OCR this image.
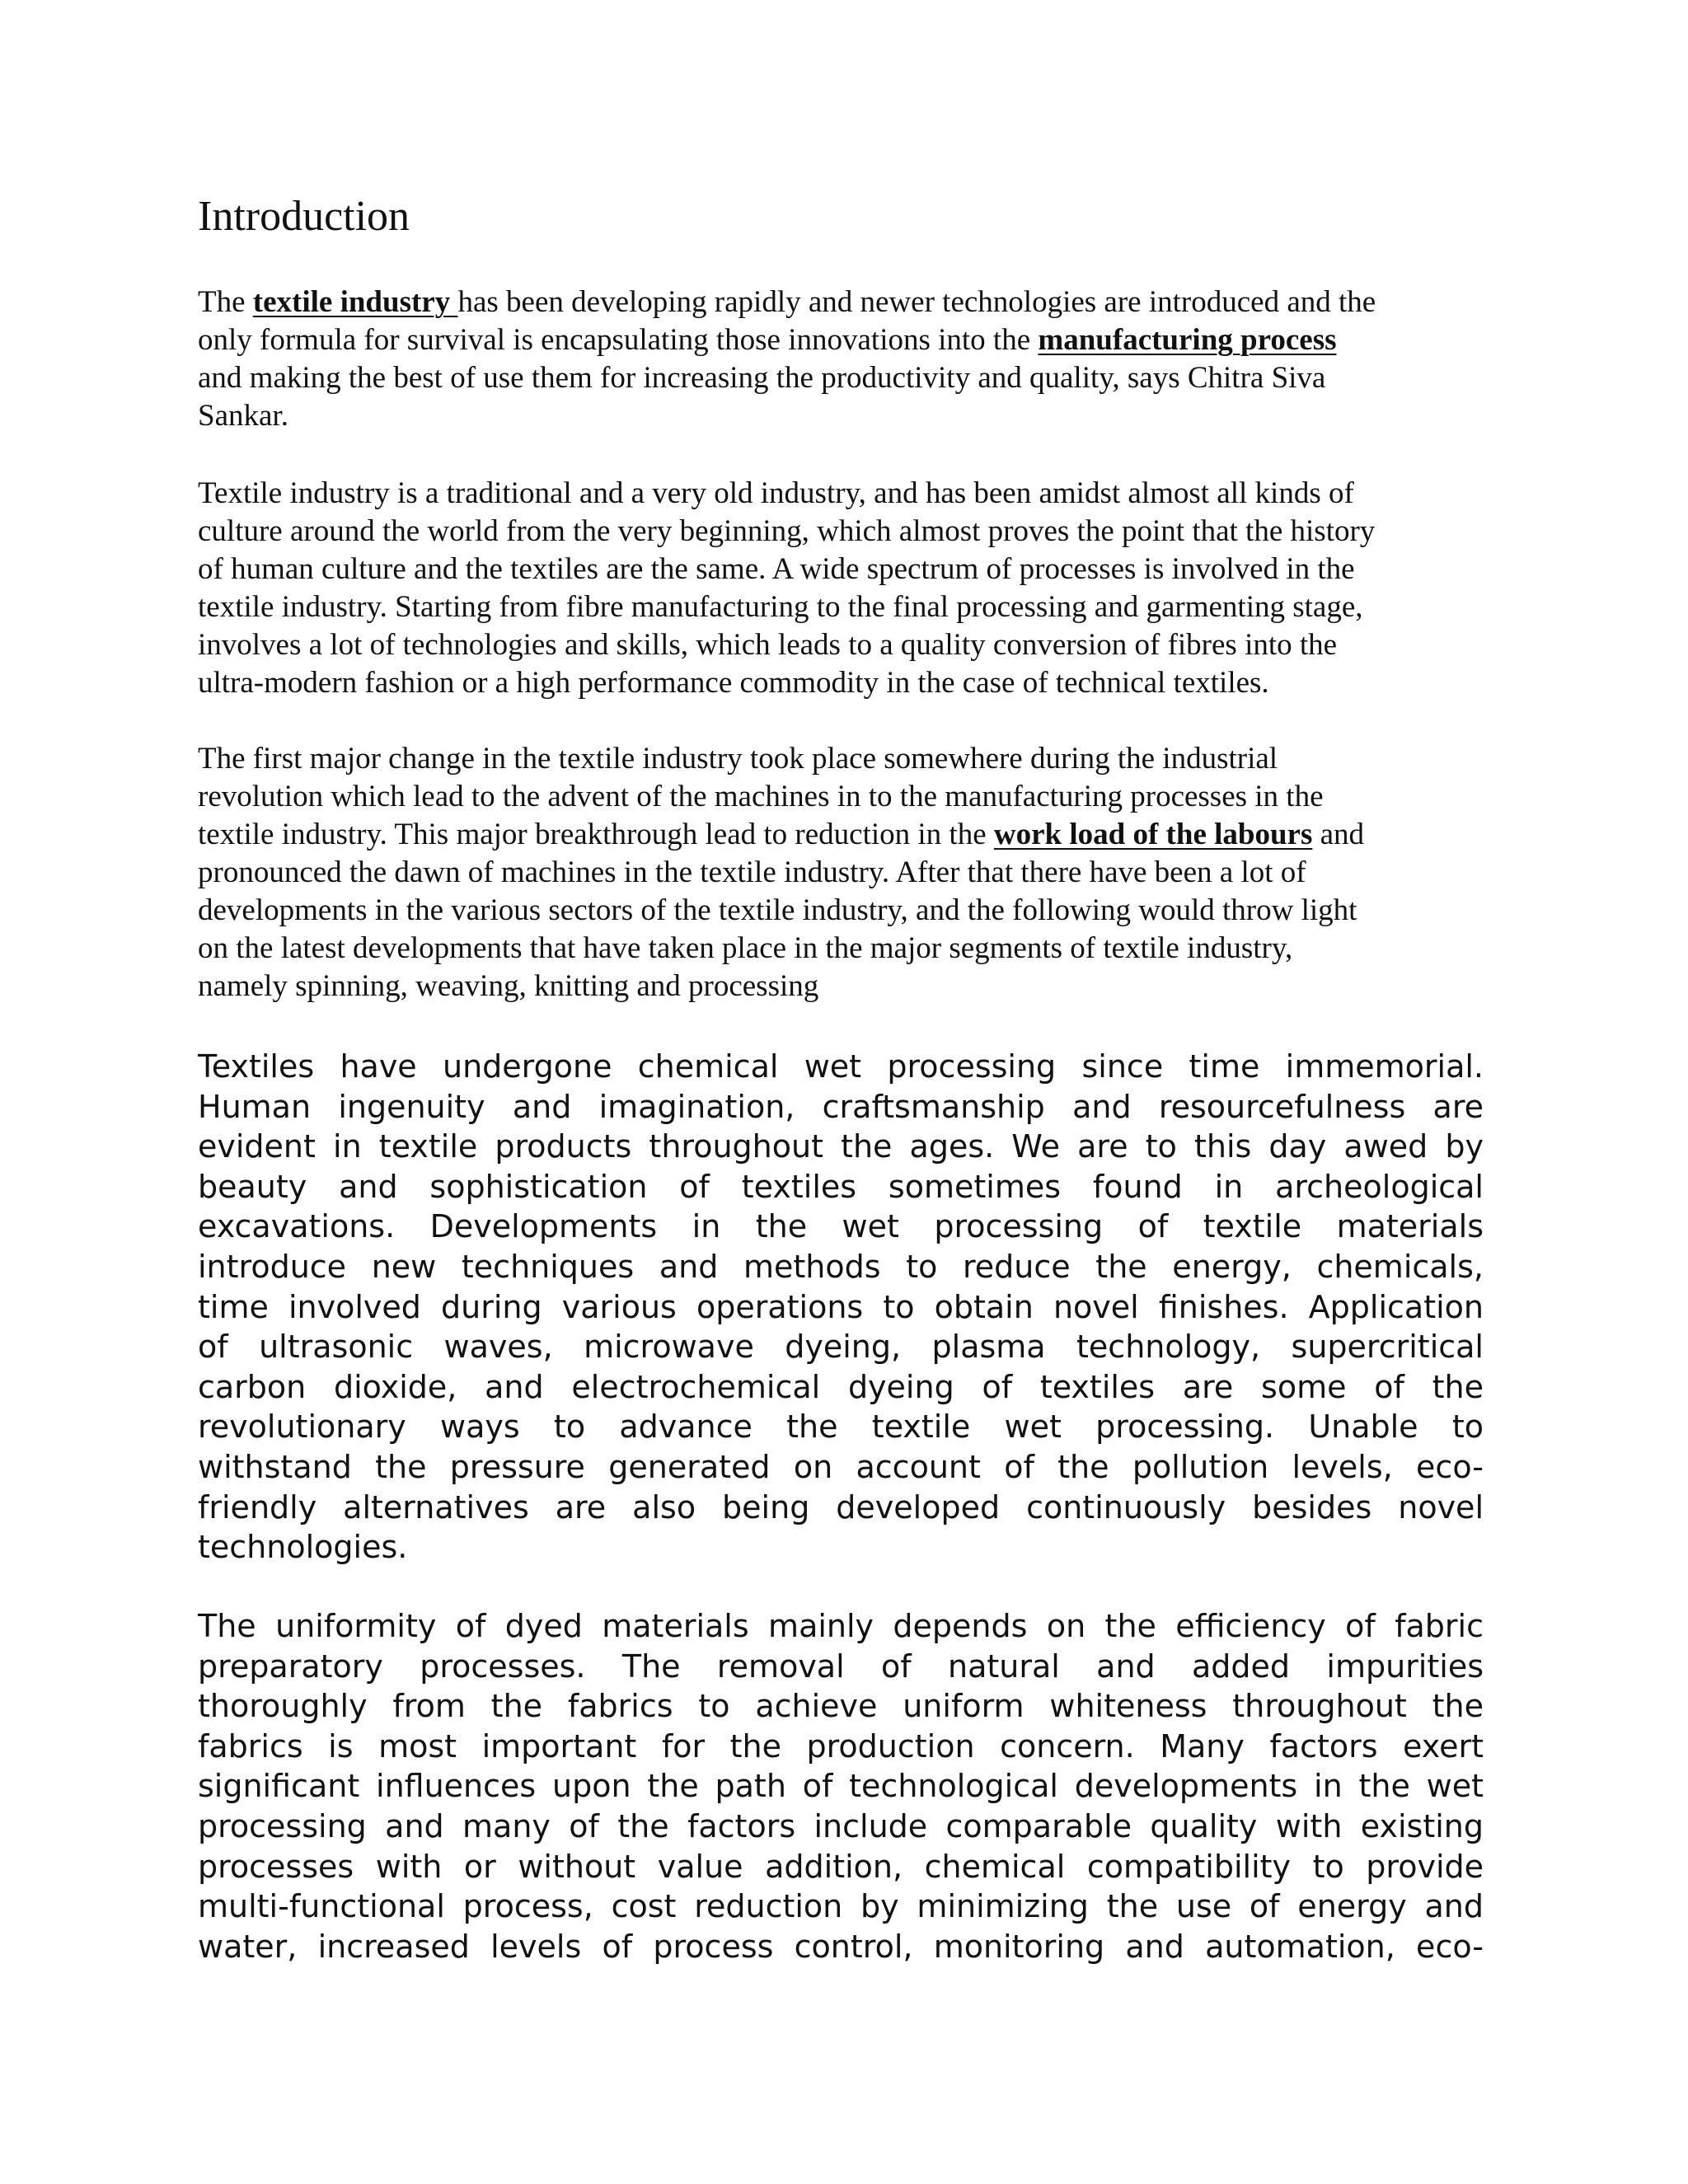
Introduction

The textile industry has been developing rapidly and newer technologies are introduced and the
only formula for survival is encapsulating those innovations into the manufacturing process
and making the best of use them for increasing the productivity and quality, says Chitra Siva
Sankar.

Textile industry is a traditional and a very old industry, and has been amidst almost all kinds of
culture around the world from the very beginning, which almost proves the point that the history
of human culture and the textiles are the same. A wide spectrum of processes is involved in the
textile industry. Starting from fibre manufacturing to the final processing and garmenting stage,
involves a lot of technologies and skills, which leads to a quality conversion of fibres into the
ultra-modern fashion or a high performance commodity in the case of technical textiles.

The first major change in the textile industry took place somewhere during the industrial
revolution which lead to the advent of the machines in to the manufacturing processes in the
textile industry. This major breakthrough lead to reduction in the work load of the labours and
pronounced the dawn of machines in the textile industry. After that there have been a lot of
developments in the various sectors of the textile industry, and the following would throw light
on the latest developments that have taken place in the major segments of textile industry,
namely spinning, weaving, knitting and processing

Textiles have undergone chemical wet processing since time immemorial.
Human ingenuity and imagination, craftsmanship and resourcefulness are
evident in textile products throughout the ages. We are to this day awed by
beauty and sophistication of textiles sometimes found in archeological
excavations. Developments in the wet processing of textile materials
introduce new techniques and methods to reduce the energy, chemicals,
time involved during various operations to obtain novel finishes. Application
of ultrasonic waves, microwave dyeing, plasma technology, supercritical
carbon dioxide, and electrochemical dyeing of textiles are some of the
revolutionary ways to advance the textile wet processing. Unable to
withstand the pressure generated on account of the pollution levels, eco-
friendly alternatives are also being developed continuously besides novel
technologies.

The uniformity of dyed materials mainly depends on the efficiency of fabric
preparatory processes. The removal of natural and added impurities
thoroughly from the fabrics to achieve uniform whiteness throughout the
fabrics is most important for the production concern. Many factors exert
significant influences upon the path of technological developments in the wet
processing and many of the factors include comparable quality with existing
processes with or without value addition, chemical compatibility to provide
multi-functional process, cost reduction by minimizing the use of energy and
water, increased levels of process control, monitoring and automation, eco-
